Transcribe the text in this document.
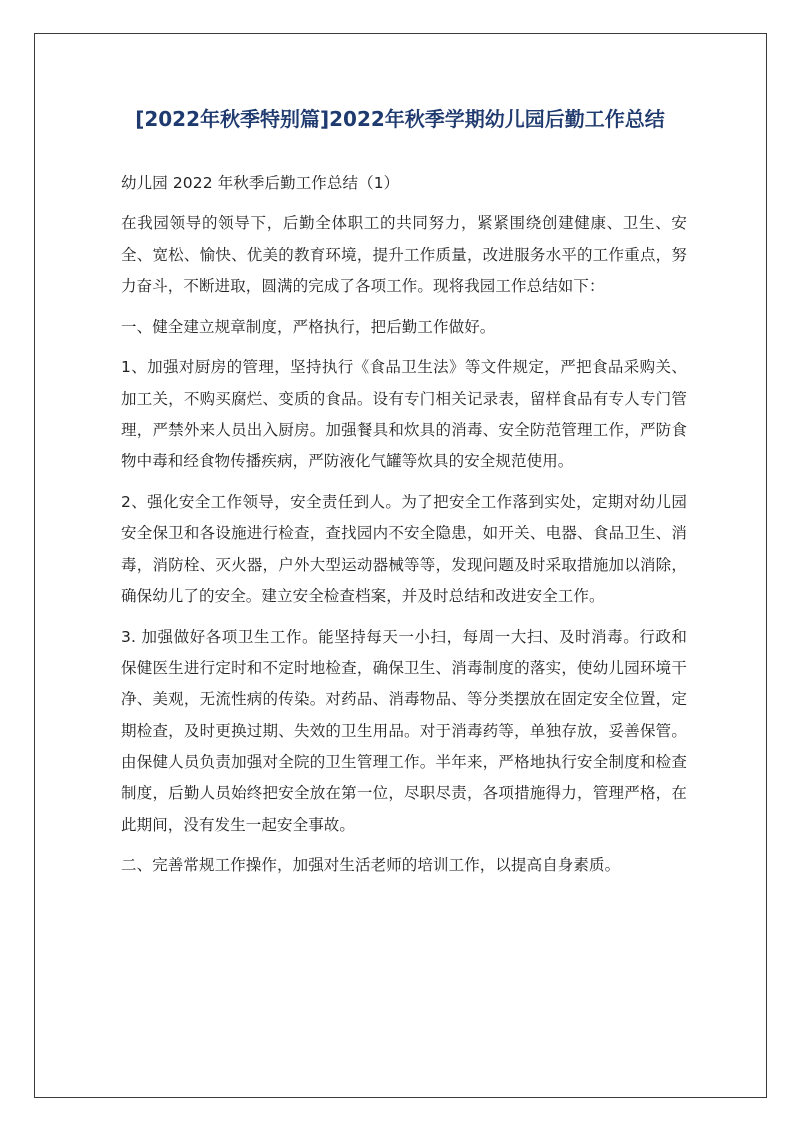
[2022年秋季特别篇]2022年秋季学期幼儿园后勤工作总结

幼儿园 2022 年秋季后勤工作总结（1）

在我园领导的领导下，后勤全体职工的共同努力，紧紧围绕创建健康、卫生、安全、宽松、愉快、优美的教育环境，提升工作质量，改进服务水平的工作重点，努力奋斗，不断进取，圆满的完成了各项工作。现将我园工作总结如下：

一、健全建立规章制度，严格执行，把后勤工作做好。

1、加强对厨房的管理，坚持执行《食品卫生法》等文件规定，严把食品采购关、加工关，不购买腐烂、变质的食品。设有专门相关记录表，留样食品有专人专门管理，严禁外来人员出入厨房。加强餐具和炊具的消毒、安全防范管理工作，严防食物中毒和经食物传播疾病，严防液化气罐等炊具的安全规范使用。

2、强化安全工作领导，安全责任到人。为了把安全工作落到实处，定期对幼儿园安全保卫和各设施进行检查，查找园内不安全隐患，如开关、电器、食品卫生、消毒，消防栓、灭火器，户外大型运动器械等等，发现问题及时采取措施加以消除，确保幼儿了的安全。建立安全检查档案，并及时总结和改进安全工作。

3. 加强做好各项卫生工作。能坚持每天一小扫，每周一大扫、及时消毒。行政和保健医生进行定时和不定时地检查，确保卫生、消毒制度的落实，使幼儿园环境干净、美观，无流性病的传染。对药品、消毒物品、等分类摆放在固定安全位置，定期检查，及时更换过期、失效的卫生用品。对于消毒药等，单独存放，妥善保管。由保健人员负责加强对全院的卫生管理工作。半年来，严格地执行安全制度和检查制度，后勤人员始终把安全放在第一位，尽职尽责，各项措施得力，管理严格，在此期间，没有发生一起安全事故。

二、完善常规工作操作，加强对生活老师的培训工作，以提高自身素质。
